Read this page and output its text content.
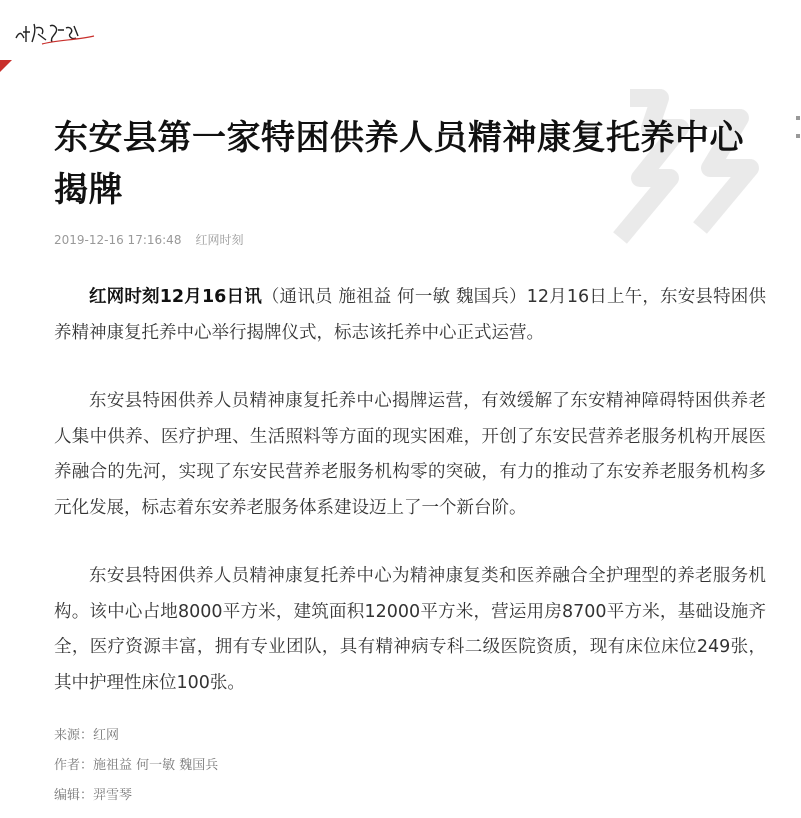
东安县第一家特困供养人员精神康复托养中心揭牌
2019-12-16 17:16:48 红网时刻

红网时刻12月16日讯（通讯员 施祖益 何一敏 魏国兵）12月16日上午，东安县特困供养精神康复托养中心举行揭牌仪式，标志该托养中心正式运营。

东安县特困供养人员精神康复托养中心揭牌运营，有效缓解了东安精神障碍特困供养老人集中供养、医疗护理、生活照料等方面的现实困难，开创了东安民营养老服务机构开展医养融合的先河，实现了东安民营养老服务机构零的突破，有力的推动了东安养老服务机构多元化发展，标志着东安养老服务体系建设迈上了一个新台阶。

东安县特困供养人员精神康复托养中心为精神康复类和医养融合全护理型的养老服务机构。该中心占地8000平方米，建筑面积12000平方米，营运用房8700平方米，基础设施齐全，医疗资源丰富，拥有专业团队，具有精神病专科二级医院资质，现有床位床位249张，其中护理性床位100张。

来源：红网
作者：施祖益 何一敏 魏国兵
编辑：羿雪琴
